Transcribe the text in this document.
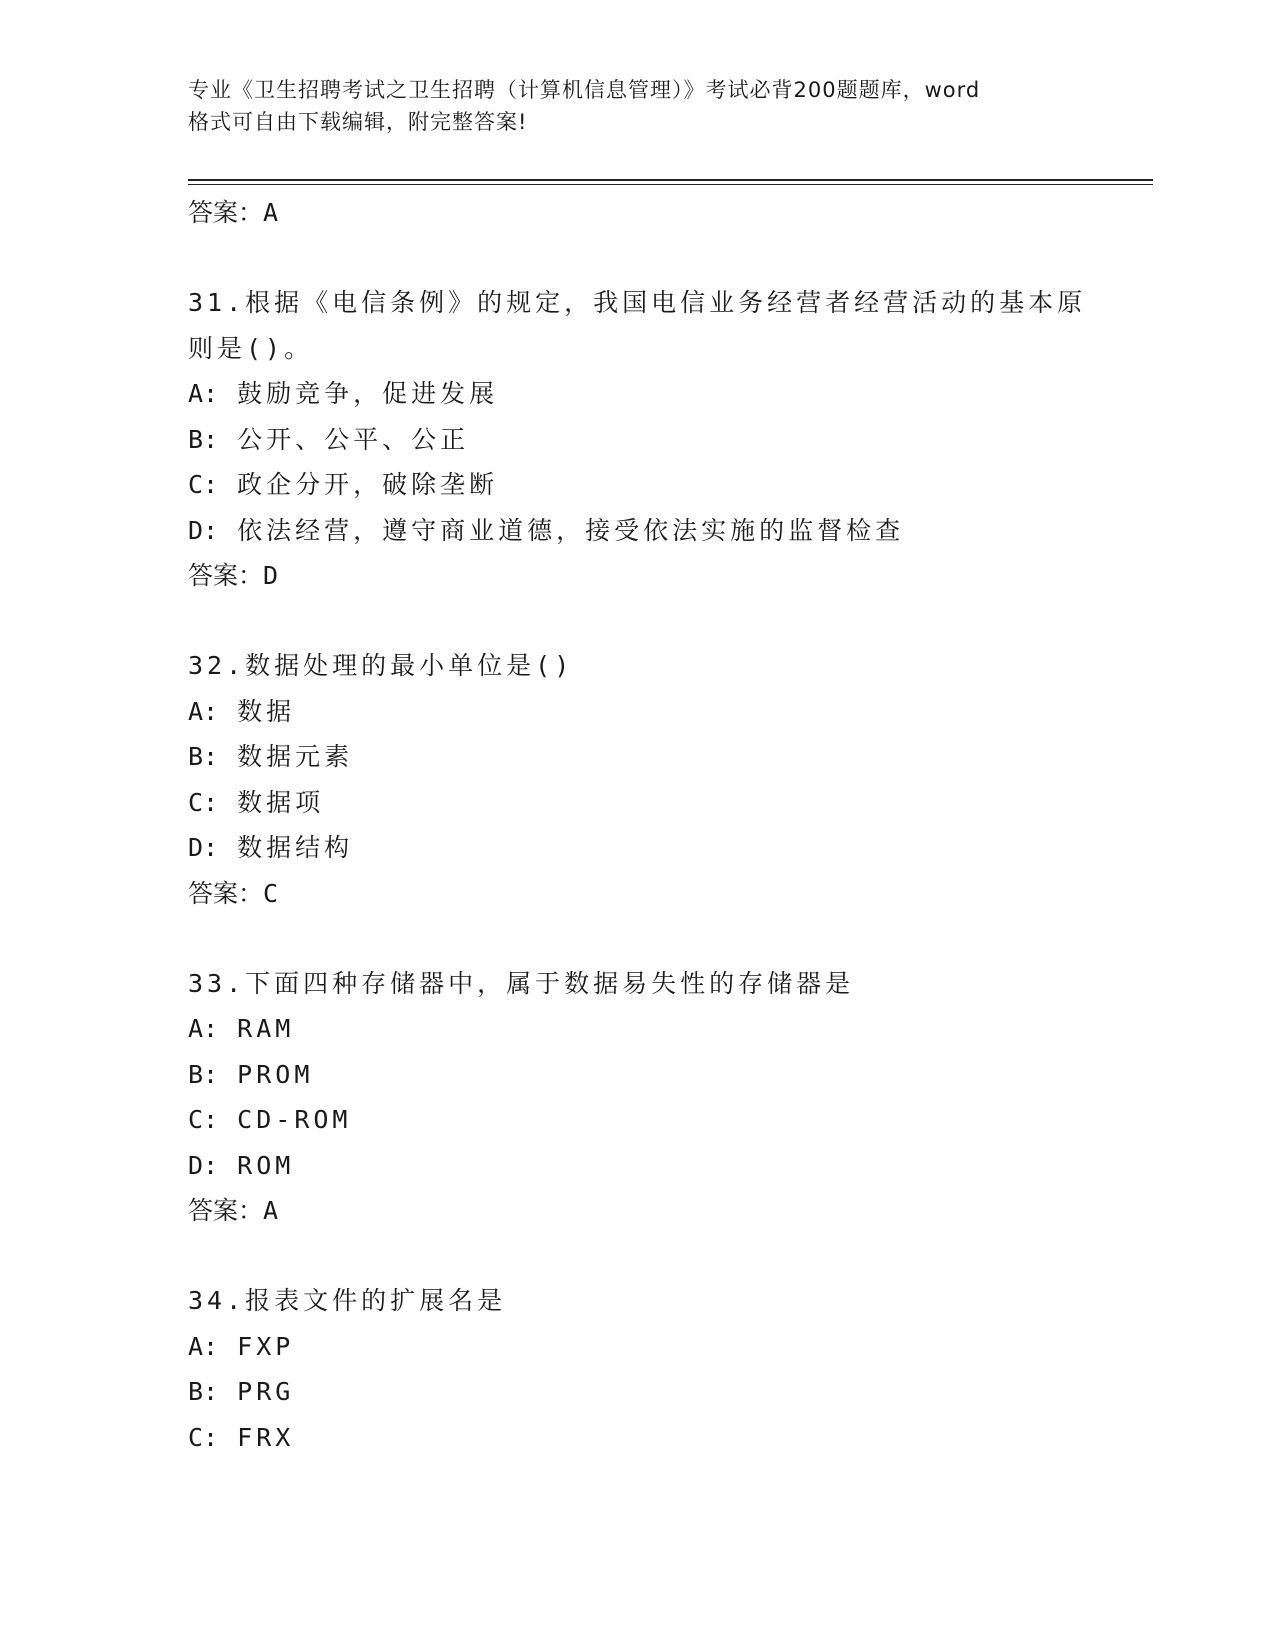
专业《卫生招聘考试之卫生招聘（计算机信息管理）》考试必背200题题库，word
格式可自由下载编辑，附完整答案!
答案：A
31.根据《电信条例》的规定，我国电信业务经营者经营活动的基本原
则是()。
A: 鼓励竞争，促进发展
B: 公开、公平、公正
C: 政企分开，破除垄断
D: 依法经营，遵守商业道德，接受依法实施的监督检查
答案：D
32.数据处理的最小单位是()
A: 数据
B: 数据元素
C: 数据项
D: 数据结构
答案：C
33.下面四种存储器中，属于数据易失性的存储器是
A: RAM
B: PROM
C: CD-ROM
D: ROM
答案：A
34.报表文件的扩展名是
A: FXP
B: PRG
C: FRX
